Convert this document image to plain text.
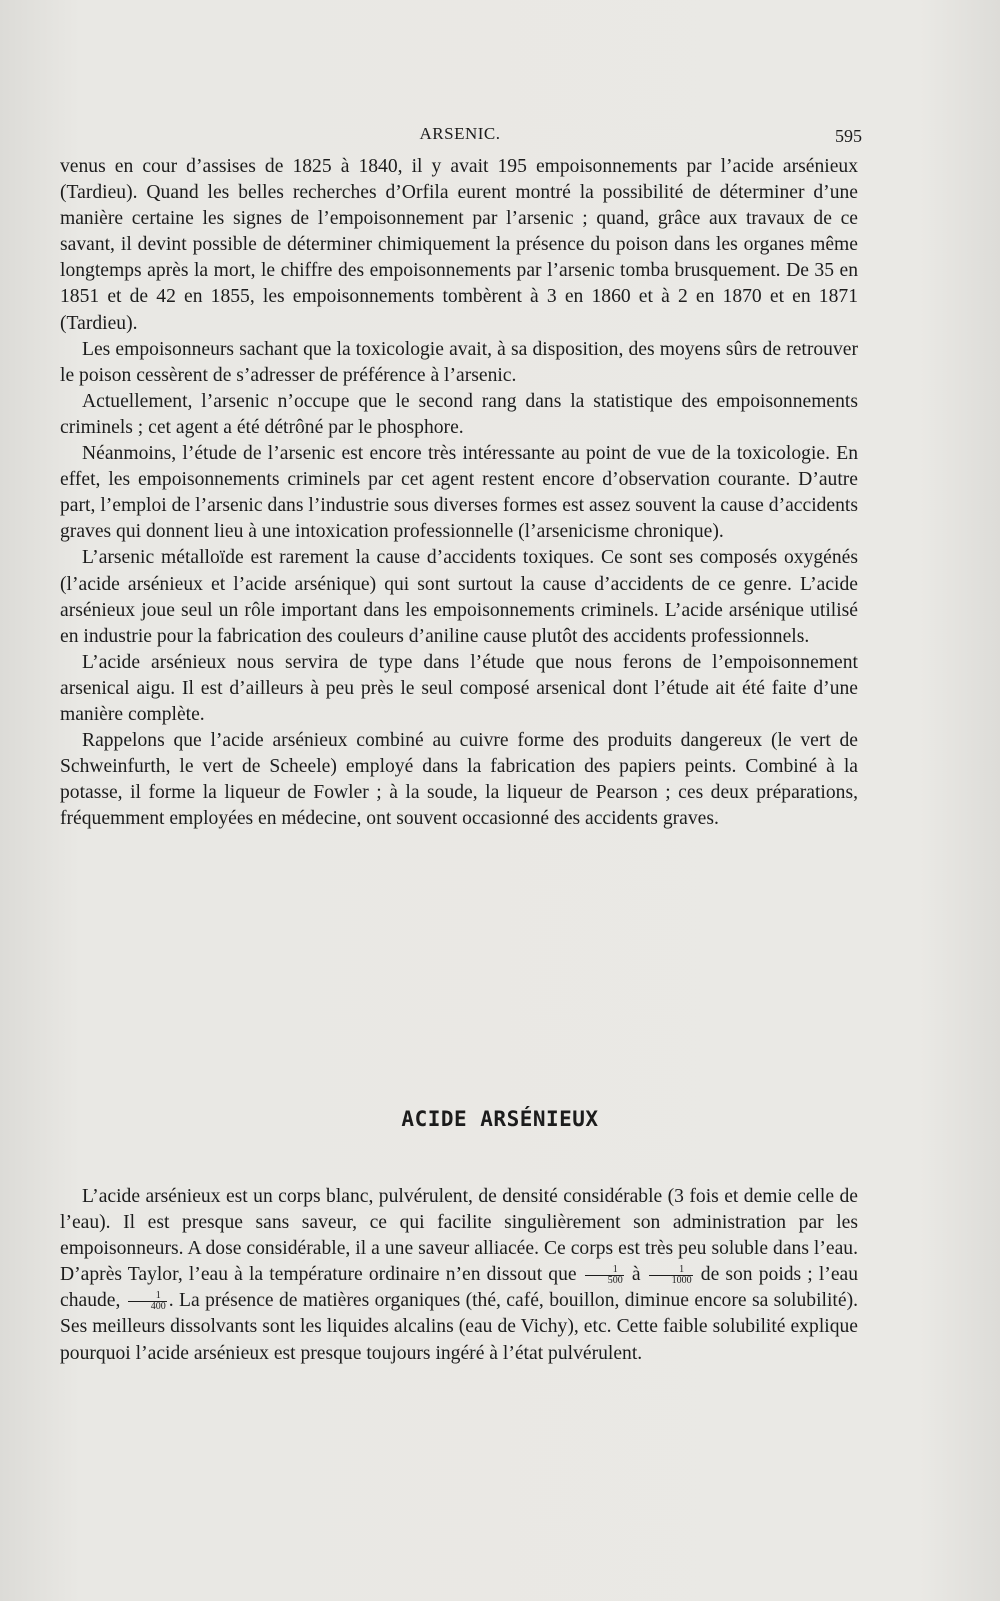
ARSENIC.	595

venus en cour d’assises de 1825 à 1840, il y avait 195 empoisonnements par l’acide arsénieux (Tardieu). Quand les belles recherches d’Orfila eurent montré la possibilité de déterminer d’une manière certaine les signes de l’empoisonnement par l’arsenic ; quand, grâce aux travaux de ce savant, il devint possible de déterminer chimiquement la présence du poison dans les organes même longtemps après la mort, le chiffre des empoisonnements par l’arsenic tomba brusquement. De 35 en 1851 et de 42 en 1855, les empoisonnements tombèrent à 3 en 1860 et à 2 en 1870 et en 1871 (Tardieu).

Les empoisonneurs sachant que la toxicologie avait, à sa disposition, des moyens sûrs de retrouver le poison cessèrent de s’adresser de préférence à l’arsenic.

Actuellement, l’arsenic n’occupe que le second rang dans la statistique des empoisonnements criminels ; cet agent a été détrôné par le phosphore.

Néanmoins, l’étude de l’arsenic est encore très intéressante au point de vue de la toxicologie. En effet, les empoisonnements criminels par cet agent restent encore d’observation courante. D’autre part, l’emploi de l’arsenic dans l’industrie sous diverses formes est assez souvent la cause d’accidents graves qui donnent lieu à une intoxication professionnelle (l’arsenicisme chronique).

L’arsenic métalloïde est rarement la cause d’accidents toxiques. Ce sont ses composés oxygénés (l’acide arsénieux et l’acide arsénique) qui sont surtout la cause d’accidents de ce genre. L’acide arsénieux joue seul un rôle important dans les empoisonnements criminels. L’acide arsénique utilisé en industrie pour la fabrication des couleurs d’aniline cause plutôt des accidents professionnels.

L’acide arsénieux nous servira de type dans l’étude que nous ferons de l’empoisonnement arsenical aigu. Il est d’ailleurs à peu près le seul composé arsenical dont l’étude ait été faite d’une manière complète.

Rappelons que l’acide arsénieux combiné au cuivre forme des produits dangereux (le vert de Schweinfurth, le vert de Scheele) employé dans la fabrication des papiers peints. Combiné à la potasse, il forme la liqueur de Fowler ; à la soude, la liqueur de Pearson ; ces deux préparations, fréquemment employées en médecine, ont souvent occasionné des accidents graves.

ACIDE ARSÉNIEUX

L’acide arsénieux est un corps blanc, pulvérulent, de densité considérable (3 fois et demie celle de l’eau). Il est presque sans saveur, ce qui facilite singulièrement son administration par les empoisonneurs. A dose considérable, il a une saveur alliacée. Ce corps est très peu soluble dans l’eau. D’après Taylor, l’eau à la température ordinaire n’en dissout que $\frac{1}{500}$ à $\frac{1}{1000}$ de son poids ; l’eau chaude, $\frac{1}{400}$ . La présence de matières organiques (thé, café, bouillon, diminue encore sa solubilité). Ses meilleurs dissolvants sont les liquides alcalins (eau de Vichy), etc. Cette faible solubilité explique pourquoi l’acide arsénieux est presque toujours ingéré à l’état pulvérulent.
